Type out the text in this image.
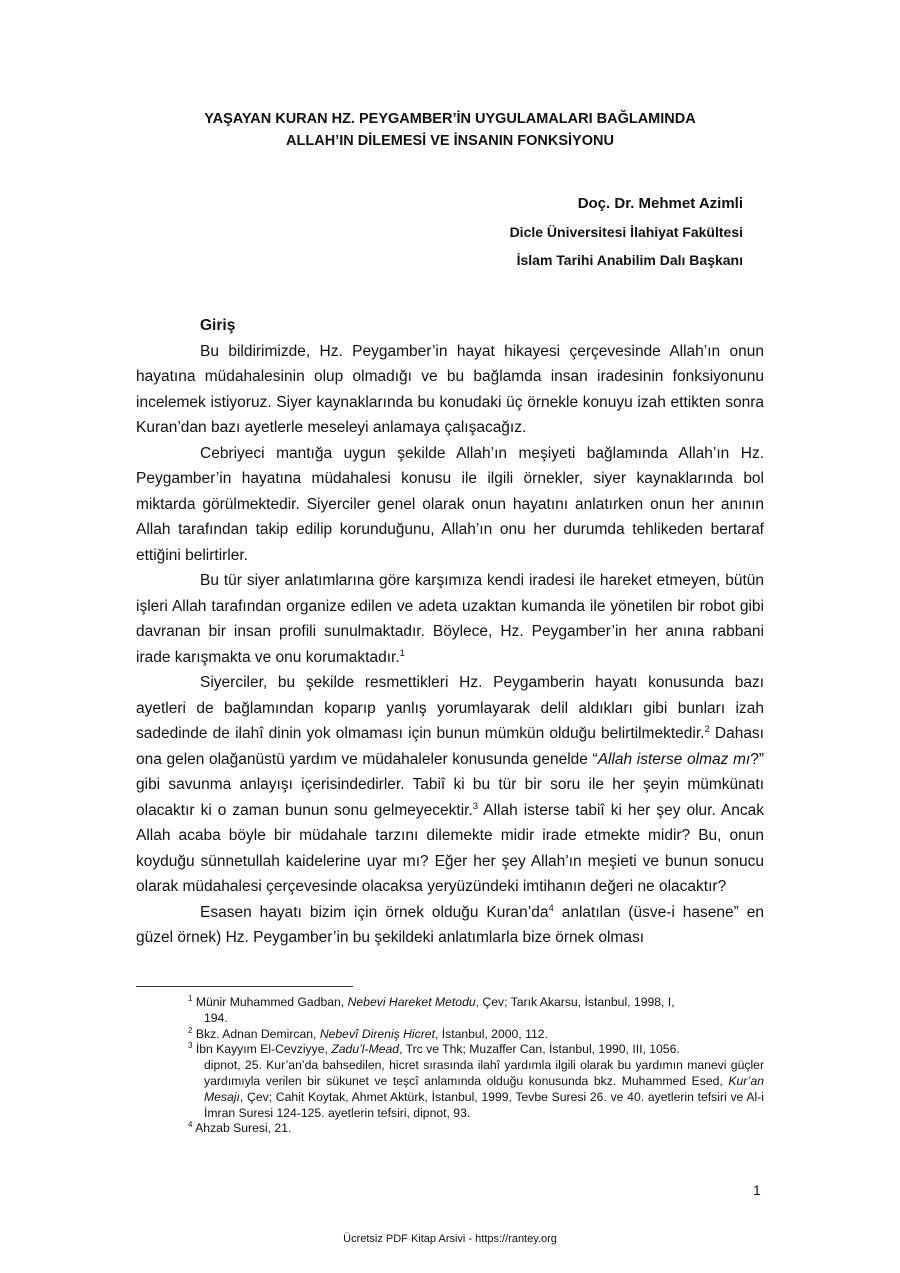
YAŞAYAN KURAN HZ. PEYGAMBER’İN UYGULAMALARI BAĞLAMINDA
ALLAH’IN DİLEMESİ VE İNSANIN FONKSİYONU
Doç. Dr. Mehmet Azimli
Dicle Üniversitesi İlahiyat Fakültesi
İslam Tarihi Anabilim Dalı Başkanı
Giriş

Bu bildirimizde, Hz. Peygamber’in hayat hikayesi çerçevesinde Allah’ın onun hayatına müdahalesinin olup olmadığı ve bu bağlamda insan iradesinin fonksiyonunu incelemek istiyoruz. Siyer kaynaklarında bu konudaki üç örnekle konuyu izah ettikten sonra Kuran’dan bazı ayetlerle meseleyi anlamaya çalışacağız.

Cebriyeci mantığa uygun şekilde Allah’ın meşiyeti bağlamında Allah’ın Hz. Peygamber’in hayatına müdahalesi konusu ile ilgili örnekler, siyer kaynaklarında bol miktarda görülmektedir. Siyerciler genel olarak onun hayatını anlatırken onun her anının Allah tarafından takip edilip korunduğunu, Allah’ın onu her durumda tehlikeden bertaraf ettiğini belirtirler.

Bu tür siyer anlatımlarına göre karşımıza kendi iradesi ile hareket etmeyen, bütün işleri Allah tarafından organize edilen ve adeta uzaktan kumanda ile yönetilen bir robot gibi davranan bir insan profili sunulmaktadır. Böylece, Hz. Peygamber’in her anına rabbani irade karışmakta ve onu korumaktadır.$^1$

Siyerciler, bu şekilde resmettikleri Hz. Peygamberin hayatı konusunda bazı ayetleri de bağlamından koparıp yanlış yorumlayarak delil aldıkları gibi bunları izah sadedinde de ilahî dinin yok olmaması için bunun mümkün olduğu belirtilmektedir.$^2$ Dahası ona gelen olağanüstü yardım ve müdahaleler konusunda genelde “Allah isterse olmaz mı?” gibi savunma anlayışı içerisindedirler. Tabiî ki bu tür bir soru ile her şeyin mümkünatı olacaktır ki o zaman bunun sonu gelmeyecektir.$^3$ Allah isterse tabiî ki her şey olur. Ancak Allah acaba böyle bir müdahale tarzını dilemekte midir irade etmekte midir? Bu, onun koyduğu sünnetullah kaidelerine uyar mı? Eğer her şey Allah’ın meşieti ve bunun sonucu olarak müdahalesi çerçevesinde olacaksa yeryüzündeki imtihanın değeri ne olacaktır?

Esasen hayatı bizim için örnek olduğu $Kuran’da^4$ anlatılan (üsve-i hasene” en güzel örnek) Hz. Peygamber’in bu şekildeki anlatımlarla bize örnek olması

$^1$ Münir Muhammed Gadban, Nebevi Hareket Metodu, Çev; Tarık Akarsu, İstanbul, 1998, I,
194.

$^2$ Bkz. Adnan Demircan, Nebevî Direniş Hicret, İstanbul, 2000, 112.

$^3$ İbn Kayyım El-Cevziyye, Zadu’l-Mead, Trc ve Thk; Muzaffer Can, İstanbul, 1990, III, 1056.
dipnot, 25. Kur’an’da bahsedilen, hicret sırasında ilahî yardımla ilgili olarak bu yardımın manevi güçler yardımıyla verilen bir sükunet ve teşcî anlamında olduğu konusunda bkz. Muhammed Esed, Kur’an Mesajı, Çev; Cahit Koytak, Ahmet Aktürk, İstanbul, 1999, Tevbe Suresi 26. ve 40. ayetlerin tefsiri ve Al-i İmran Suresi 124-125. ayetlerin tefsiri, dipnot, 93.

$^4$ Ahzab Suresi, 21.

1
Ücretsiz PDF Kitap Arsivi - https://rantey.org
